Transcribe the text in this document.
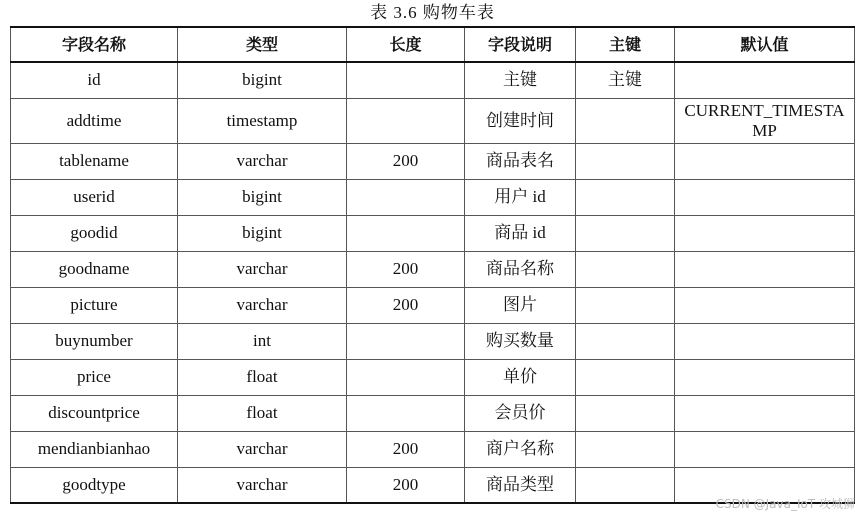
表 3.6 购物车表
字段名称	类型	长度	字段说明	主键	默认值
id	bigint		主键	主键	
addtime	timestamp		创建时间		CURRENT_TIMESTAMP
tablename	varchar	200	商品表名		
userid	bigint		用户 id		
goodid	bigint		商品 id		
goodname	varchar	200	商品名称		
picture	varchar	200	图片		
buynumber	int		购买数量		
price	float		单价		
discountprice	float		会员价		
mendianbianhao	varchar	200	商户名称		
goodtype	varchar	200	商品类型		
CSDN @Java_IoT 攻城狮
